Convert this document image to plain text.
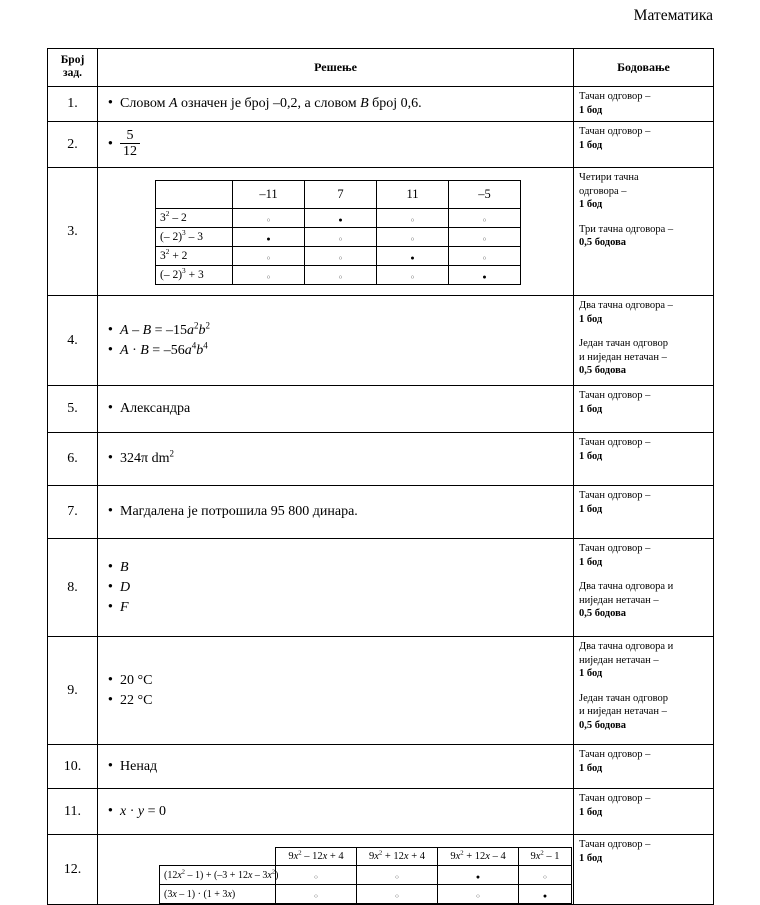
Математика
Број
зад.	Решење	Бодовање
1.	
●Словом A означен је број –0,2, а словом B број 0,6.	Тачан одговор –
1 бод

2.	
$●\frac{5}{12}$	Тачан одговор –
1 бод

3.	
	–11	7	11	–5
$3^2 - 2$	○	●	○	○
(– 2)$^3$ – 3	●	○	○	○
$3^2 + 2$	○	○	●	○
(– 2)$^3$ + 3	○	○	○	●

Четири тачна
одговора –
1 бод
Три тачна одговора –
0,5 бодова

4.	
●A – $B = -15a^2b^2$
●A · $B = -56a^4b^4$

Два тачна одговора –
1 бод
Један тачан одговор
и ниједан нетачан –
0,5 бодова

5.	
●Александра

Тачан одговор –
1 бод

6.	
●324π $dm^2$

Тачан одговор –
1 бод

7.	
●Магдалена је потрошила 95 800 динара.

Тачан одговор –
1 бод

8.	
●B
●D
●F

Тачан одговор –
1 бод
Два тачна одговора и
ниједан нетачан –
0,5 бодова

9.	
●20 °C
●22 °C

Два тачна одговора и
ниједан нетачан –
1 бод
Један тачан одговор
и ниједан нетачан –
0,5 бодова

10.	
●Ненад

Тачан одговор –
1 бод

11.	
●x · y = 0

Тачан одговор –
1 бод

12.	
	$9x^2 - 12x + 4$	$9x^2 + 12x + 4$	$9x^2 + 12x - 4$	$9x^2 - 1$
$(12x^2 - 1) + (-3 + 12x - 3x^2)$	○	○	●	○
(3x – 1) · (1 + 3x)	○	○	○	●

Тачан одговор –
1 бод
